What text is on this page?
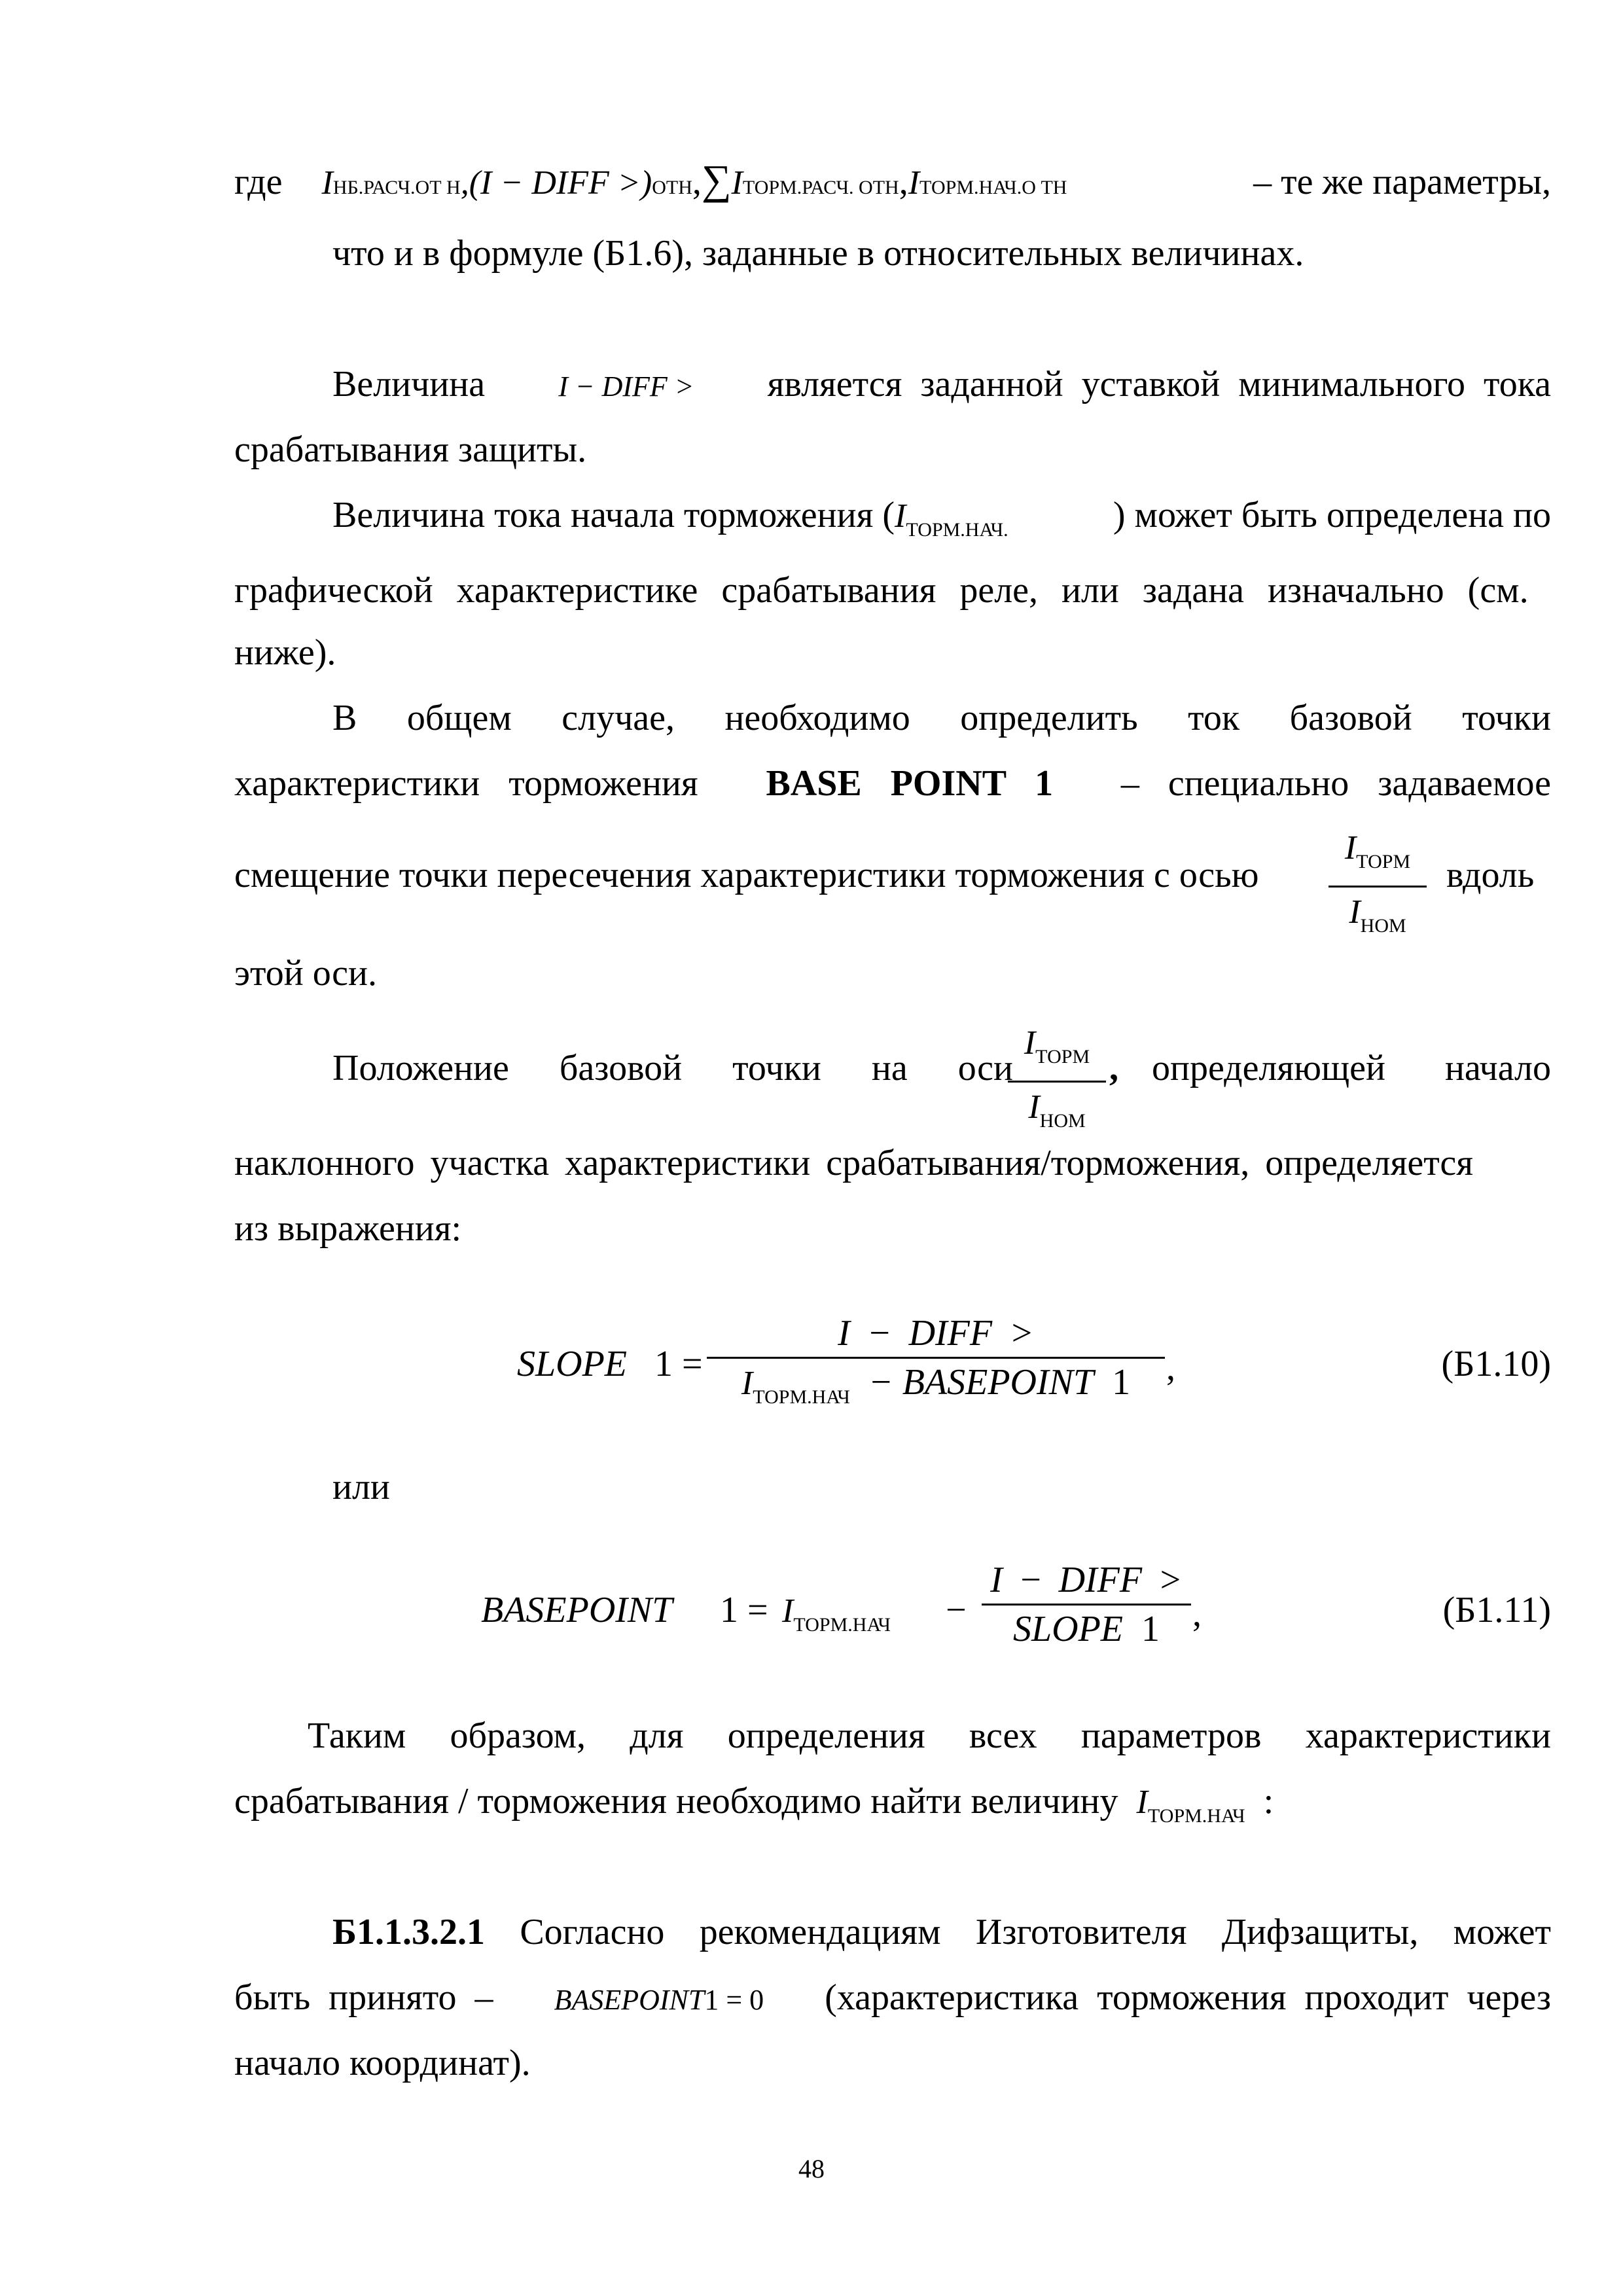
где I НБ.РАСЧ.ОТ Н ,(I − DIFF >) ОТН , ∑ I ТОРМ.РАСЧ. ОТН , I ТОРМ.НАЧ.О ТН	– те же параметры,
что и в формуле (Б1.6), заданные в относительных величинах.
Величина	I − DIFF > является заданной уставкой минимального тока
срабатывания защиты.
Величина тока начала торможения ($I_{ТОРМ.НАЧ.}$	) может быть определена по
графической характеристике срабатывания реле, или задана изначально (см.
ниже).
В общем случае, необходимо определить ток базовой точки
характеристики торможения BASE POINT 1 – специально задаваемое
смещение точки пересечения характеристики торможения с осью
$I_{ТОРМ}$
$I_{НОМ}$
вдоль
этой оси.
Положение базовой точки на оси
$I_{ТОРМ}$
$I_{НОМ}$
, определяющей начало
наклонного участка характеристики срабатывания/торможения, определяется
из выражения:
SLOPE 1 =
I − DIFF >
$I_{ТОРМ.НАЧ}$ − BASEPOINT 1 ,	(Б1.10)
или
BASEPOINT $1 = I_{ТОРМ.НАЧ}$ −
I − DIFF >
SLOPE 1 ,	(Б1.11)
Таким образом, для определения всех параметров характеристики
срабатывания / торможения необходимо найти величину $I_{ТОРМ.НАЧ}$ :
Б1.1.3.2.1 Согласно рекомендациям Изготовителя Дифзащиты, может
быть принято – BASEPOINT1 = 0 (характеристика торможения проходит через
начало координат).
48
